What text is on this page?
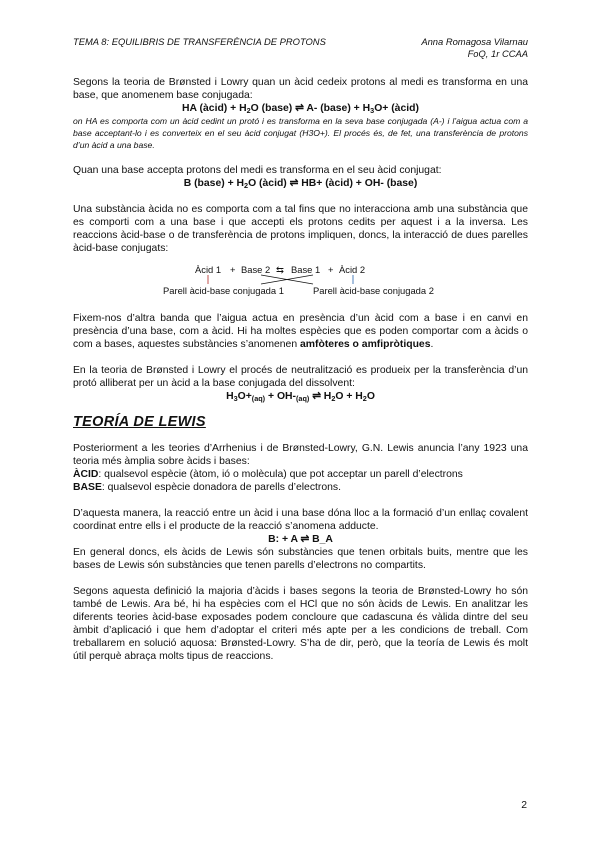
TEMA 8: EQUILIBRIS DE TRANSFERÈNCIA DE PROTONS	Anna Romagosa Vilarnau
FoQ, 1r CCAA

Segons la teoria de Brønsted i Lowry quan un àcid cedeix protons al medi es transforma en una base, que anomenem base conjugada:

HA (àcid) + $H_2O$ (base) ⇌ A- (base) + $H_3O+$ (àcid)

on HA es comporta com un àcid cedint un protó i es transforma en la seva base conjugada (A-) i l’aigua actua com a base acceptant-lo i es converteix en el seu àcid conjugat (H3O+). El procés és, de fet, una transferència de protons d’un àcid a una base.

Quan una base accepta protons del medi es transforma en el seu àcid conjugat:

B (base) + $H_2O$ (àcid) ⇌ HB+ (àcid) + OH- (base)

Una substància àcida no es comporta com a tal fins que no interacciona amb una substància que es comporti com a una base i que accepti els protons cedits per aquest i a la inversa. Les reaccions àcid-base o de transferència de protons impliquen, doncs, la interacció de dues parelles àcid-base conjugats:

Àcid 1 + Base 2 ⇆ Base 1 + Àcid 2
Parell àcid-base conjugada 1	Parell àcid-base conjugada 2

Fixem-nos d’altra banda que l’aigua actua en presència d’un àcid com a base i en canvi en presència d’una base, com a àcid. Hi ha moltes espècies que es poden comportar com a àcids o com a bases, aquestes substàncies s’anomenen amfòteres o amfipròtiques.

En la teoria de Brønsted i Lowry el procés de neutralització es produeix per la transferència d’un protó alliberat per un àcid a la base conjugada del dissolvent:

$H_3O+_{(aq)} + OH-_{(aq)}$ ⇌ $H_2O + H_2O$

TEORÍA DE LEWIS

Posteriorment a les teories d’Arrhenius i de Brønsted-Lowry, G.N. Lewis anuncia l’any 1923 una teoria més àmplia sobre àcids i bases:

ÀCID: qualsevol espècie (àtom, ió o molècula) que pot acceptar un parell d’electrons

BASE: qualsevol espècie donadora de parells d’electrons.

D’aquesta manera, la reacció entre un àcid i una base dóna lloc a la formació d’un enllaç covalent coordinat entre ells i el producte de la reacció s’anomena adducte.

B: + A ⇌ B_A

En general doncs, els àcids de Lewis són substàncies que tenen orbitals buits, mentre que les bases de Lewis són substàncies que tenen parells d’electrons no compartits.

Segons aquesta definició la majoria d’àcids i bases segons la teoria de Brønsted-Lowry ho són també de Lewis. Ara bé, hi ha espècies com el HCl que no són àcids de Lewis. En analitzar les diferents teories àcid-base exposades podem concloure que cadascuna és vàlida dintre del seu àmbit d’aplicació i que hem d’adoptar el criteri més apte per a les condicions de treball. Com treballarem en solució aquosa: Brønsted-Lowry. S’ha de dir, però, que la teoría de Lewis és molt útil perquè abraça molts tipus de reaccions.

2
